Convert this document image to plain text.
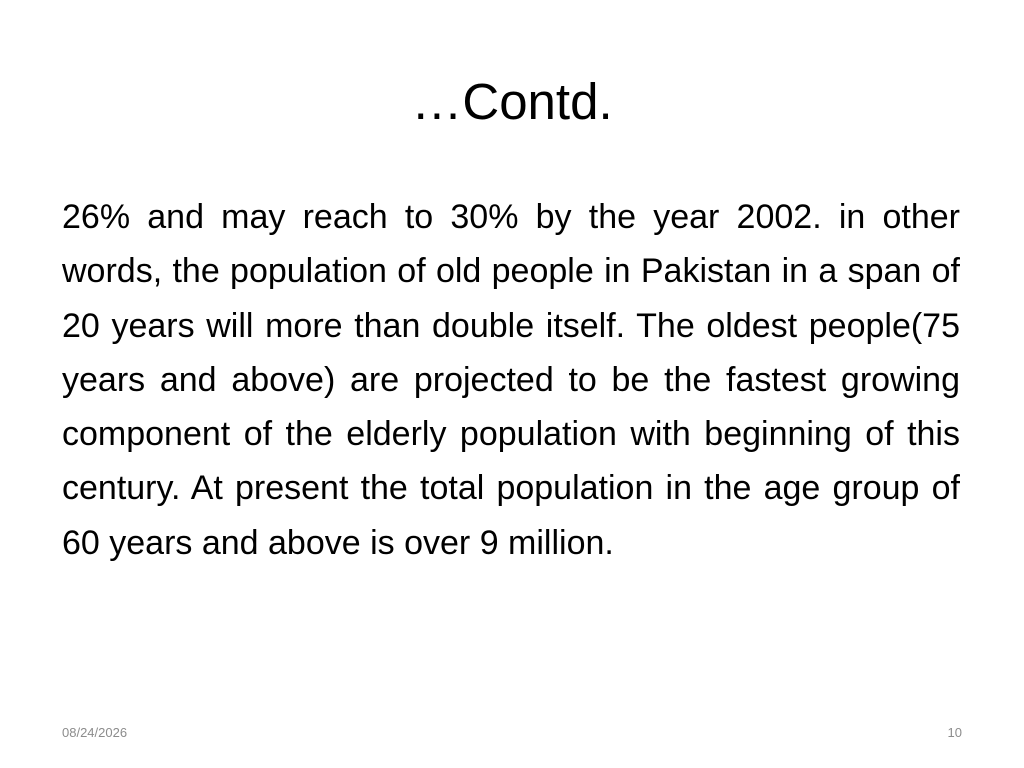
…Contd.

26% and may reach to 30% by the year 2002. in other words, the population of old people in Pakistan in a span of 20 years will more than double itself. The oldest people(75 years and above) are projected to be the fastest growing component of the elderly population with beginning of this century. At present the total population in the age group of 60 years and above is over 9 million.

08/24/2026	10
